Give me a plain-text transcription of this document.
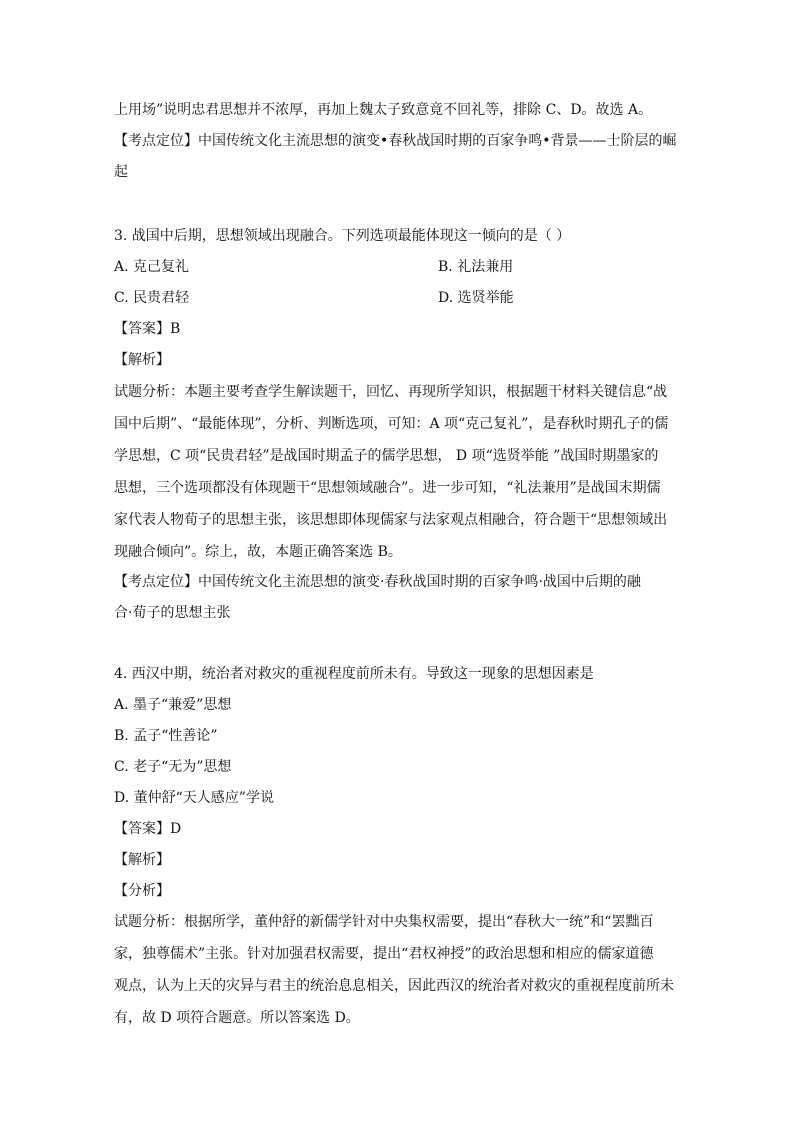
上用场”说明忠君思想并不浓厚，再加上魏太子致意竟不回礼等，排除 C、D。故选 A。
【考点定位】中国传统文化主流思想的演变•春秋战国时期的百家争鸣•背景——士阶层的崛
起
3. 战国中后期，思想领域出现融合。下列选项最能体现这一倾向的是（ ）
A. 克己复礼	B. 礼法兼用
C. 民贵君轻	D. 选贤举能
【答案】B
【解析】
试题分析：本题主要考查学生解读题干，回忆、再现所学知识，根据题干材料关键信息“战
国中后期”、“最能体现”，分析、判断选项，可知：A 项“克己复礼”，是春秋时期孔子的儒
学思想，C 项“民贵君轻”是战国时期孟子的儒学思想， D 项“选贤举能 ”战国时期墨家的
思想，三个选项都没有体现题干“思想领域融合”。进一步可知，“礼法兼用”是战国末期儒
家代表人物荀子的思想主张，该思想即体现儒家与法家观点相融合，符合题干“思想领域出
现融合倾向”。综上，故，本题正确答案选 B。
【考点定位】中国传统文化主流思想的演变·春秋战国时期的百家争鸣·战国中后期的融
合·荀子的思想主张
4. 西汉中期，统治者对救灾的重视程度前所未有。导致这一现象的思想因素是
A. 墨子“兼爱”思想
B. 孟子“性善论”
C. 老子“无为”思想
D. 董仲舒“天人感应”学说
【答案】D
【解析】
【分析】
试题分析：根据所学，董仲舒的新儒学针对中央集权需要，提出“春秋大一统”和“罢黜百
家，独尊儒术”主张。针对加强君权需要，提出“君权神授”的政治思想和相应的儒家道德
观点，认为上天的灾异与君主的统治息息相关，因此西汉的统治者对救灾的重视程度前所未
有，故 D 项符合题意。所以答案选 D。
